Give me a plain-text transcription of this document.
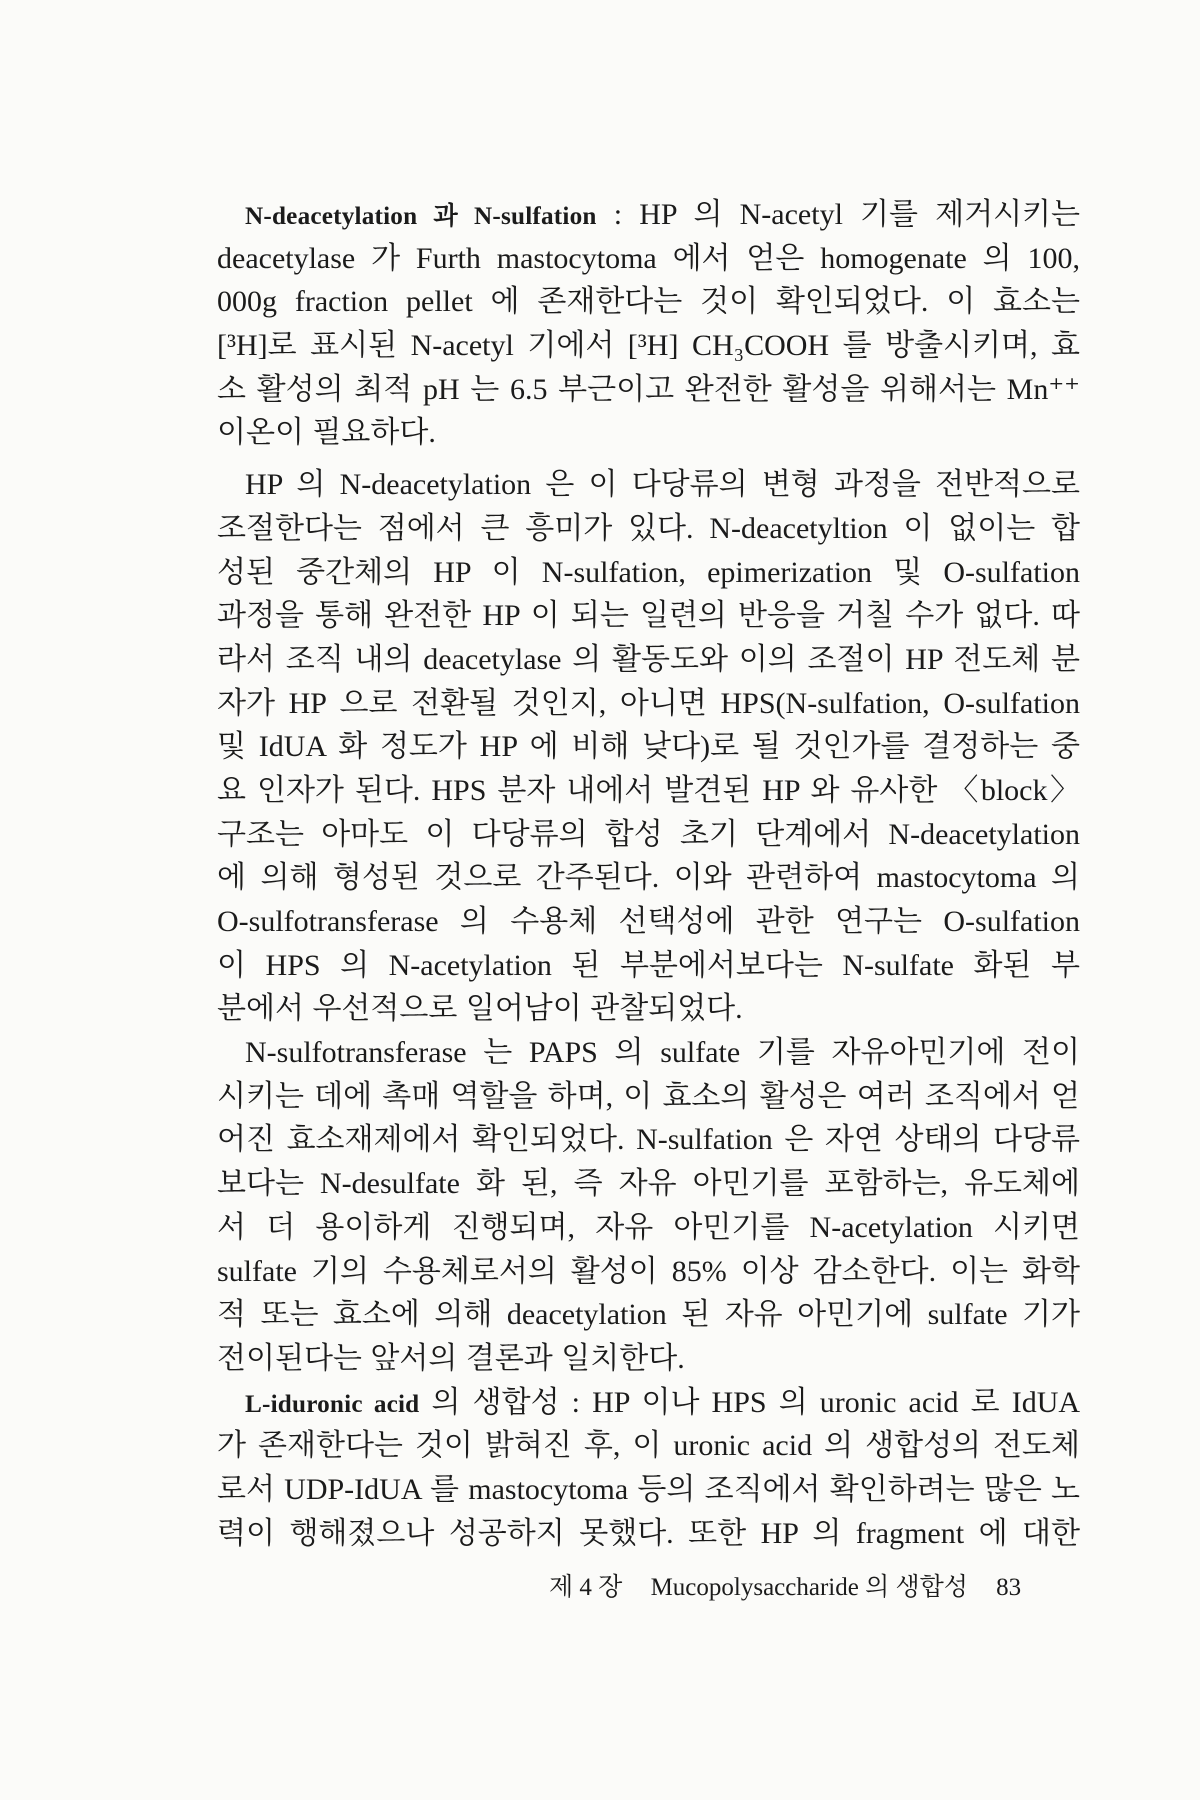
N-deacetylation 과 N-sulfation : HP 의 N-acetyl 기를 제거시키는
deacetylase 가 Furth mastocytoma 에서 얻은 homogenate 의 100,
000g fraction pellet 에 존재한다는 것이 확인되었다. 이 효소는
[³H]로 표시된 N-acetyl 기에서 [³H] CH₃COOH 를 방출시키며, 효
소 활성의 최적 pH 는 6.5 부근이고 완전한 활성을 위해서는 Mn⁺⁺
이온이 필요하다.
HP 의 N-deacetylation 은 이 다당류의 변형 과정을 전반적으로
조절한다는 점에서 큰 흥미가 있다. N-deacetyltion 이 없이는 합
성된 중간체의 HP 이 N-sulfation, epimerization 및 O-sulfation
과정을 통해 완전한 HP 이 되는 일련의 반응을 거칠 수가 없다. 따
라서 조직 내의 deacetylase 의 활동도와 이의 조절이 HP 전도체 분
자가 HP 으로 전환될 것인지, 아니면 HPS(N-sulfation, O-sulfation
및 IdUA 화 정도가 HP 에 비해 낮다)로 될 것인가를 결정하는 중
요 인자가 된다. HPS 분자 내에서 발견된 HP 와 유사한 〈block〉
구조는 아마도 이 다당류의 합성 초기 단계에서 N-deacetylation
에 의해 형성된 것으로 간주된다. 이와 관련하여 mastocytoma 의
O-sulfotransferase 의 수용체 선택성에 관한 연구는 O-sulfation
이 HPS 의 N-acetylation 된 부분에서보다는 N-sulfate 화된 부
분에서 우선적으로 일어남이 관찰되었다.
N-sulfotransferase 는 PAPS 의 sulfate 기를 자유아민기에 전이
시키는 데에 촉매 역할을 하며, 이 효소의 활성은 여러 조직에서 얻
어진 효소재제에서 확인되었다. N-sulfation 은 자연 상태의 다당류
보다는 N-desulfate 화 된, 즉 자유 아민기를 포함하는, 유도체에
서 더 용이하게 진행되며, 자유 아민기를 N-acetylation 시키면
sulfate 기의 수용체로서의 활성이 85% 이상 감소한다. 이는 화학
적 또는 효소에 의해 deacetylation 된 자유 아민기에 sulfate 기가
전이된다는 앞서의 결론과 일치한다.
L-iduronic acid 의 생합성 : HP 이나 HPS 의 uronic acid 로 IdUA
가 존재한다는 것이 밝혀진 후, 이 uronic acid 의 생합성의 전도체
로서 UDP-IdUA 를 mastocytoma 등의 조직에서 확인하려는 많은 노
력이 행해졌으나 성공하지 못했다. 또한 HP 의 fragment 에 대한
제 4 장 Mucopolysaccharide 의 생합성 83
